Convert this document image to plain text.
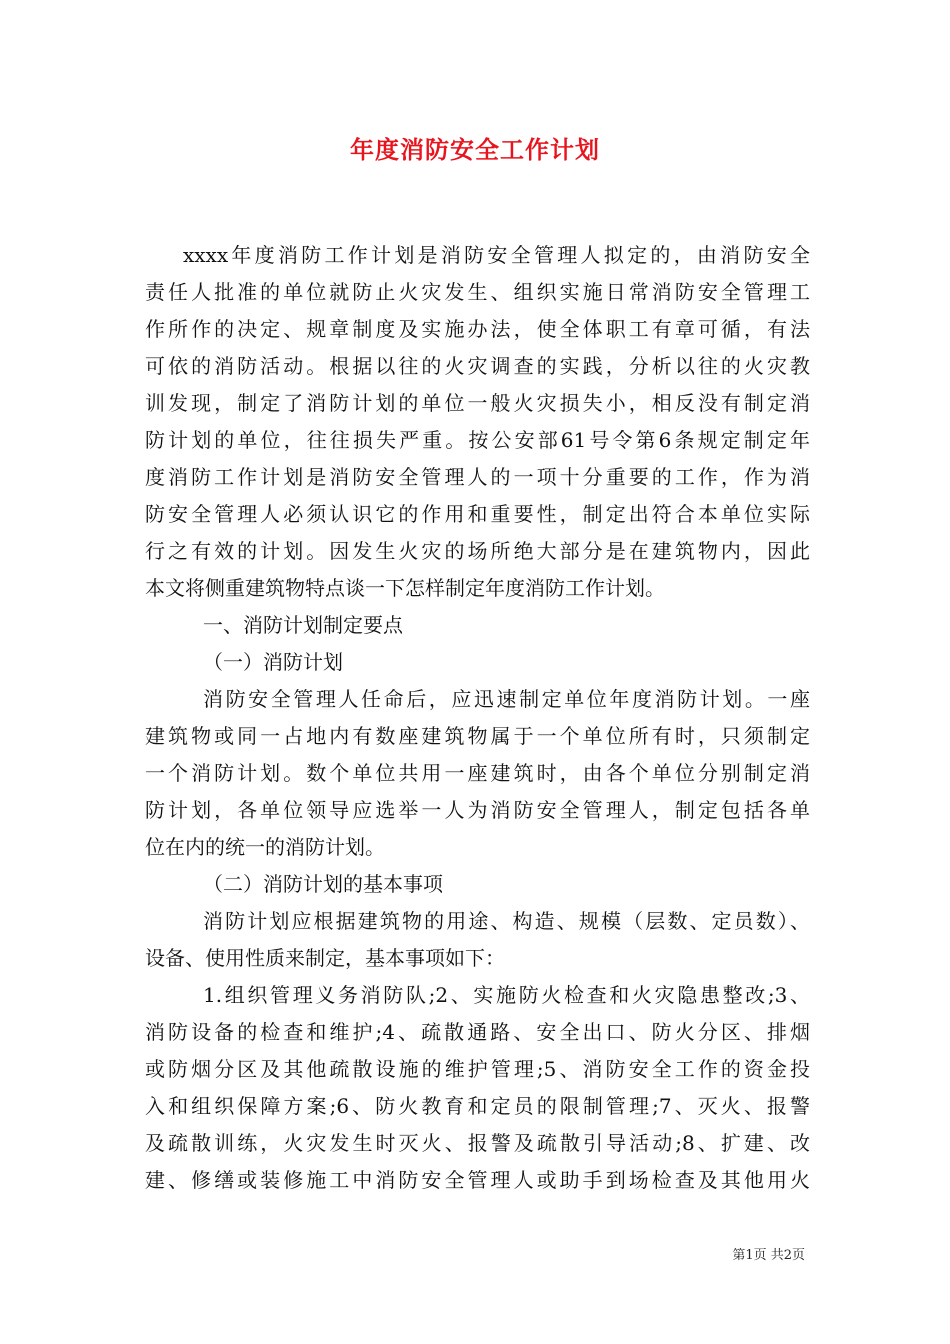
年度消防安全工作计划
xxxx年度消防工作计划是消防安全管理人拟定的，由消防安全
责任人批准的单位就防止火灾发生、组织实施日常消防安全管理工
作所作的决定、规章制度及实施办法，使全体职工有章可循，有法
可依的消防活动。根据以往的火灾调查的实践，分析以往的火灾教
训发现，制定了消防计划的单位一般火灾损失小，相反没有制定消
防计划的单位，往往损失严重。按公安部61号令第6条规定制定年
度消防工作计划是消防安全管理人的一项十分重要的工作，作为消
防安全管理人必须认识它的作用和重要性，制定出符合本单位实际
行之有效的计划。因发生火灾的场所绝大部分是在建筑物内，因此
本文将侧重建筑物特点谈一下怎样制定年度消防工作计划。
一、消防计划制定要点
（一）消防计划
消防安全管理人任命后，应迅速制定单位年度消防计划。一座
建筑物或同一占地内有数座建筑物属于一个单位所有时，只须制定
一个消防计划。数个单位共用一座建筑时，由各个单位分别制定消
防计划，各单位领导应选举一人为消防安全管理人，制定包括各单
位在内的统一的消防计划。
（二）消防计划的基本事项
消防计划应根据建筑物的用途、构造、规模（层数、定员数）、
设备、使用性质来制定，基本事项如下：
1.组织管理义务消防队;2、实施防火检查和火灾隐患整改;3、
消防设备的检查和维护;4、疏散通路、安全出口、防火分区、排烟
或防烟分区及其他疏散设施的维护管理;5、消防安全工作的资金投
入和组织保障方案;6、防火教育和定员的限制管理;7、灭火、报警
及疏散训练，火灾发生时灭火、报警及疏散引导活动;8、扩建、改
建、修缮或装修施工中消防安全管理人或助手到场检查及其他用火
第1页 共2页
